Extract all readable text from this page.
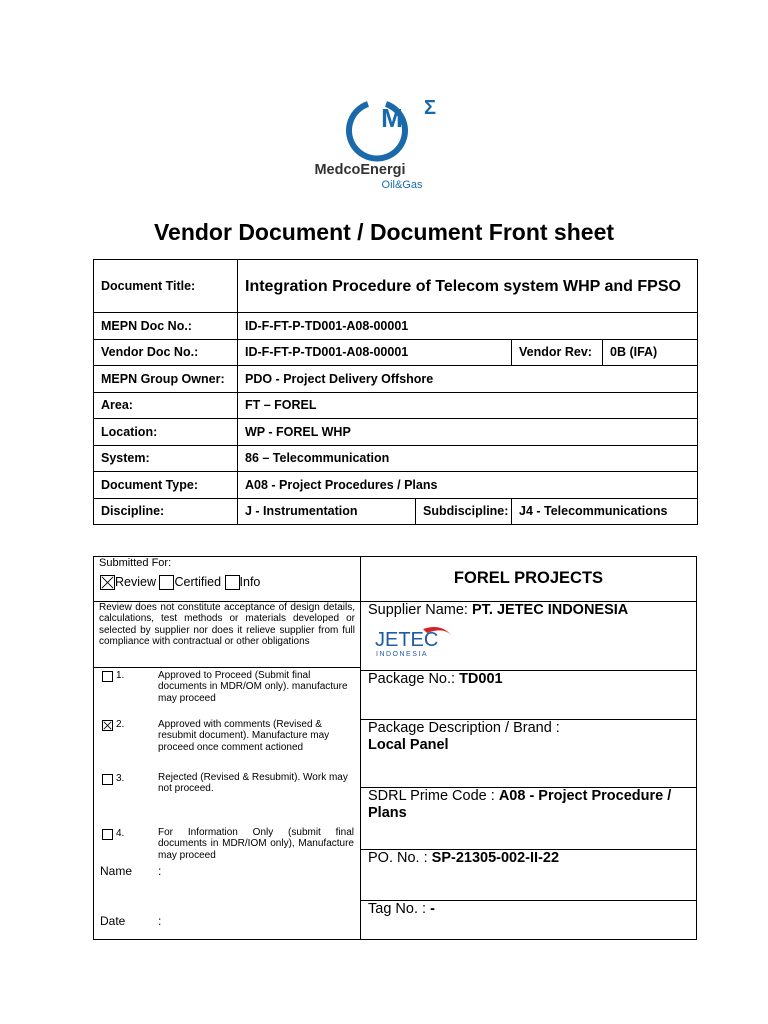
M Σ
MedcoEnergi
Oil&Gas
Vendor Document / Document Front sheet
Document Title:	Integration Procedure of Telecom system WHP and FPSO			
MEPN Doc No.:	ID-F-FT-P-TD001-A08-00001			
Vendor Doc No.:	ID-F-FT-P-TD001-A08-00001		Vendor Rev:	0B (IFA)
MEPN Group Owner:	PDO - Project Delivery Offshore			
Area:	FT – FOREL			
Location:	WP - FOREL WHP			
System:	86 – Telecommunication			
Document Type:	A08 - Project Procedures / Plans			
Discipline:	J - Instrumentation	Subdiscipline:	J4 - Telecommunications	
Submitted For:
Review Certified Info
Review does not constitute acceptance of design details, calculations, test methods or materials developed or selected by supplier nor does it relieve supplier from full compliance with contractual or other obligations
1.	Approved to Proceed (Submit final documents in MDR/OM only). manufacture may proceed
2.	Approved with comments (Revised & resubmit document). Manufacture may proceed once comment actioned
3.	Rejected (Revised & Resubmit). Work may not proceed.
4.	For Information Only (submit final documents in MDR/IOM only), Manufacture may proceed
Name :
Date	:
FOREL PROJECTS
Supplier Name: PT. JETEC INDONESIA
JETEC
INDONESIA
Package No.: TD001
Package Description / Brand :
Local Panel
SDRL Prime Code : A08 - Project Procedure / Plans
PO. No. : SP-21305-002-II-22
Tag No. : -
